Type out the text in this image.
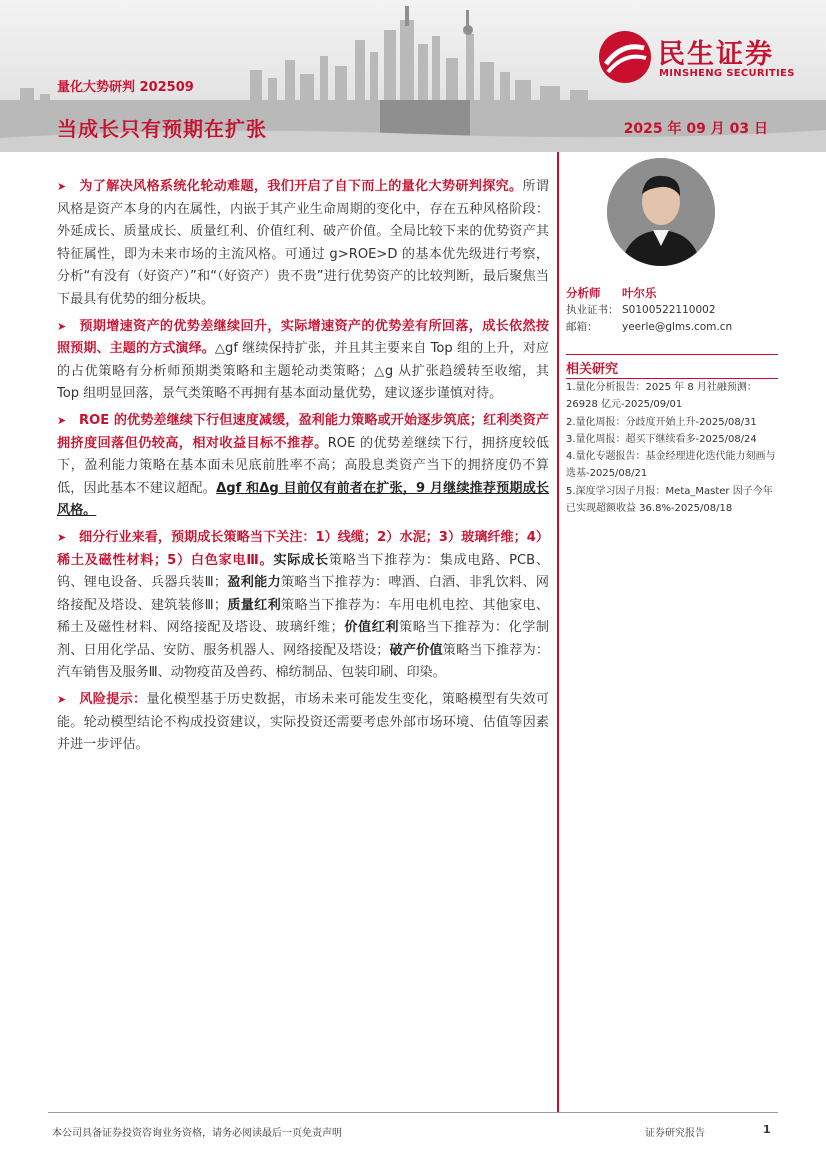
量化大势研判 202509
当成长只有预期在扩张	2025 年 09 月 03 日
民生证券
MINSHENG SECURITIES

➤ 为了解决风格系统化轮动难题，我们开启了自下而上的量化大势研判探究。所谓风格是资产本身的内在属性，内嵌于其产业生命周期的变化中，存在五种风格阶段：外延成长、质量成长、质量红利、价值红利、破产价值。全局比较下来的优势资产其特征属性，即为未来市场的主流风格。可通过 g>ROE>D 的基本优先级进行考察，分析“有没有（好资产）”和“（好资产）贵不贵”进行优势资产的比较判断，最后聚焦当下最具有优势的细分板块。

➤ 预期增速资产的优势差继续回升，实际增速资产的优势差有所回落，成长依然按照预期、主题的方式演绎。△gf 继续保持扩张，并且其主要来自 Top 组的上升，对应的占优策略有分析师预期类策略和主题轮动类策略；△g 从扩张趋缓转至收缩，其 Top 组明显回落，景气类策略不再拥有基本面动量优势，建议逐步谨慎对待。

➤ ROE 的优势差继续下行但速度减缓，盈利能力策略或开始逐步筑底；红利类资产拥挤度回落但仍较高，相对收益目标不推荐。ROE 的优势差继续下行，拥挤度较低下，盈利能力策略在基本面未见底前胜率不高；高股息类资产当下的拥挤度仍不算低，因此基本不建议超配。Δgf 和Δg 目前仅有前者在扩张，9 月继续推荐预期成长风格。

➤ 细分行业来看，预期成长策略当下关注：1）线缆；2）水泥；3）玻璃纤维；4）稀土及磁性材料；5）白色家电Ⅲ。实际成长策略当下推荐为：集成电路、PCB、钨、锂电设备、兵器兵装Ⅲ；盈利能力策略当下推荐为：啤酒、白酒、非乳饮料、网络接配及塔设、建筑装修Ⅲ；质量红利策略当下推荐为：车用电机电控、其他家电、稀土及磁性材料、网络接配及塔设、玻璃纤维；价值红利策略当下推荐为：化学制剂、日用化学品、安防、服务机器人、网络接配及塔设；破产价值策略当下推荐为：汽车销售及服务Ⅲ、动物疫苗及兽药、棉纺制品、包装印刷、印染。

➤ 风险提示：量化模型基于历史数据，市场未来可能发生变化，策略模型有失效可能。轮动模型结论不构成投资建议，实际投资还需要考虑外部市场环境、估值等因素并进一步评估。

分析师	叶尔乐
执业证书： S0100522110002
邮箱：	yeerle@glms.com.cn
相关研究
1.量化分析报告：2025 年 8 月社融预测：26928 亿元-2025/09/01
2.量化周报：分歧度开始上升-2025/08/31
3.量化周报：超买下继续看多-2025/08/24
4.量化专题报告：基金经理进化迭代能力刻画与选基-2025/08/21
5.深度学习因子月报：Meta_Master 因子今年已实现超额收益 36.8%-2025/08/18
本公司具备证券投资咨询业务资格，请务必阅读最后一页免责声明	证券研究报告	1
